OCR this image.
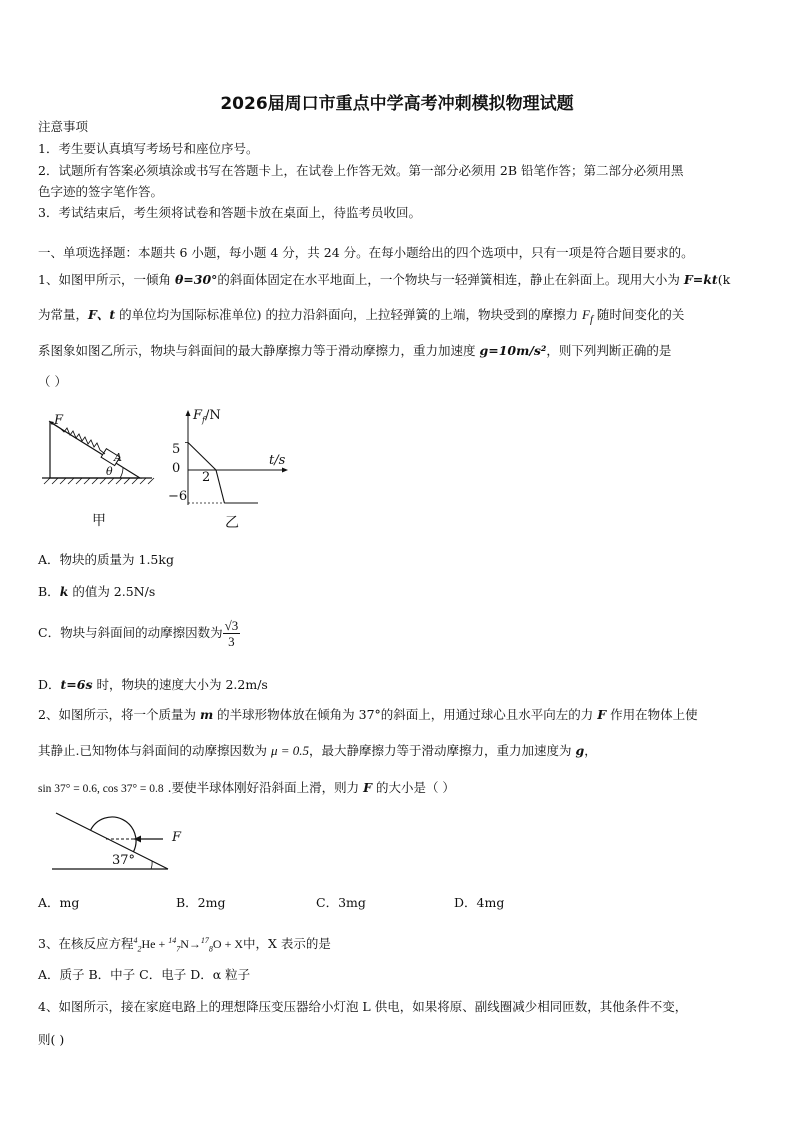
2026届周口市重点中学高考冲刺模拟物理试题
注意事项
1．考生要认真填写考场号和座位序号。
2．试题所有答案必须填涂或书写在答题卡上，在试卷上作答无效。第一部分必须用 2B 铅笔作答；第二部分必须用黑
色字迹的签字笔作答。
3．考试结束后，考生须将试卷和答题卡放在桌面上，待监考员收回。
一、单项选择题：本题共 6 小题，每小题 4 分，共 24 分。在每小题给出的四个选项中，只有一项是符合题目要求的。
1、如图甲所示，一倾角 θ=30°的斜面体固定在水平地面上，一个物块与一轻弹簧相连，静止在斜面上。现用大小为 F=kt(k
为常量，F、t 的单位均为国际标准单位) 的拉力沿斜面向，上拉轻弹簧的上端，物块受到的摩擦力 $F_f$ 随时间变化的关
系图象如图乙所示，物块与斜面间的最大静摩擦力等于滑动摩擦力，重力加速度 g=10m/s²，则下列判断正确的是
（ ）
F
A
θ
甲
$F_f/N$
5
0
−6
2
t/s
乙
A．物块的质量为 1.5kg
B．k 的值为 2.5N/s
C．物块与斜面间的动摩擦因数为 $\frac{√3}{3}$
D．t=6s 时，物块的速度大小为 2.2m/s
2、如图所示，将一个质量为 m 的半球形物体放在倾角为 37°的斜面上，用通过球心且水平向左的力 F 作用在物体上使
其静止.已知物体与斜面间的动摩擦因数为 μ = 0.5，最大静摩擦力等于滑动摩擦力，重力加速度为 g，
sin 37° = 0.6, cos 37° = 0.8 .要使半球体刚好沿斜面上滑，则力 F 的大小是（ ）
F
37°
A．mg	B．2mg	C．3mg	D．4mg
3、在核反应方程$^4_2$He + $^{14}_7$N→$^{17}_8$O + X中，X 表示的是
A．质子 B．中子 C．电子 D．α 粒子
4、如图所示，接在家庭电路上的理想降压变压器给小灯泡 L 供电，如果将原、副线圈减少相同匝数，其他条件不变，
则( )
